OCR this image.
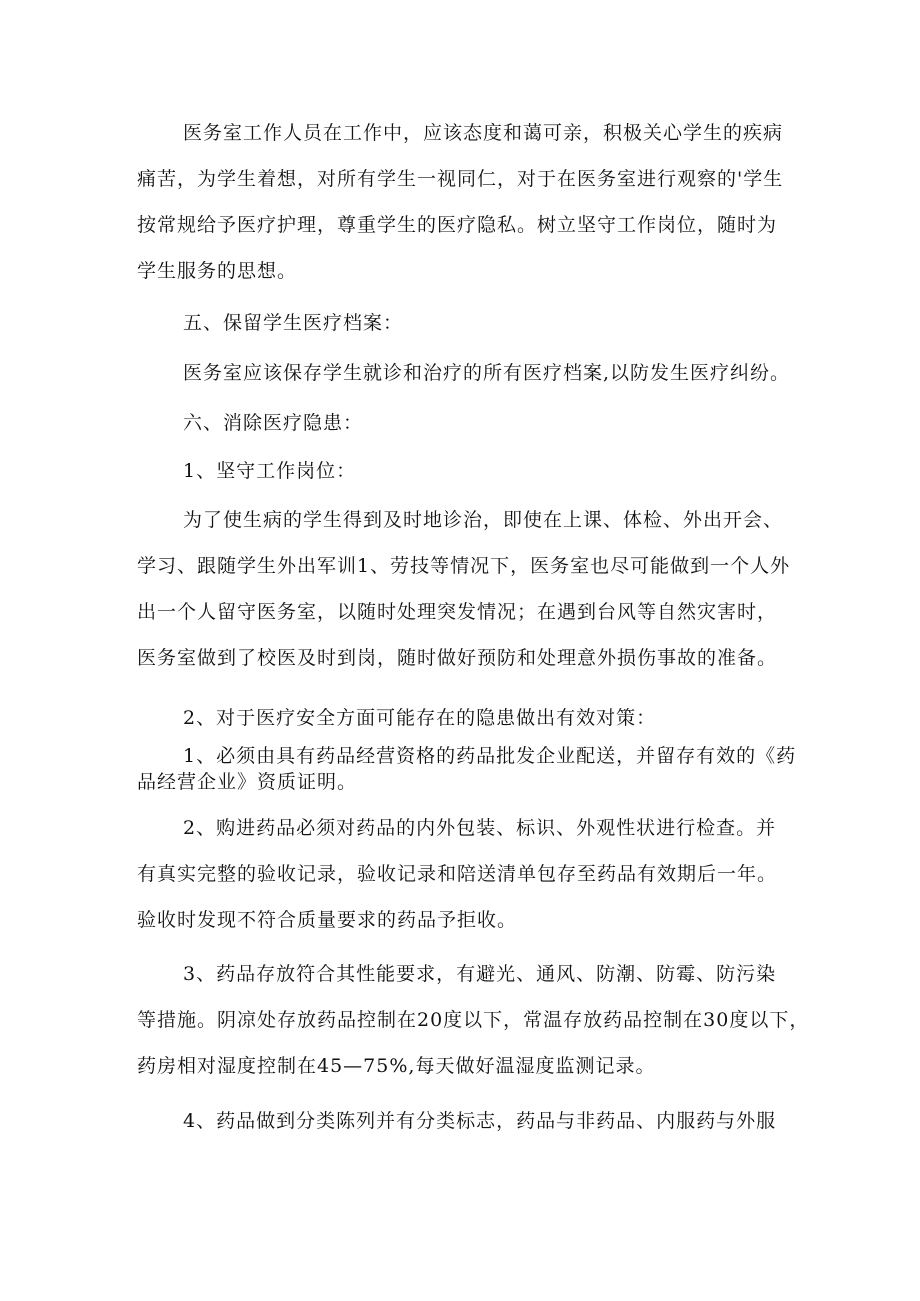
医务室工作人员在工作中，应该态度和蔼可亲，积极关心学生的疾病
痛苦，为学生着想，对所有学生一视同仁，对于在医务室进行观察的'学生
按常规给予医疗护理，尊重学生的医疗隐私。树立坚守工作岗位，随时为
学生服务的思想。
五、保留学生医疗档案：
医务室应该保存学生就诊和治疗的所有医疗档案,以防发生医疗纠纷。
六、消除医疗隐患：
1、坚守工作岗位：
为了使生病的学生得到及时地诊治，即使在上课、体检、外出开会、
学习、跟随学生外出军训1、劳技等情况下，医务室也尽可能做到一个人外
出一个人留守医务室，以随时处理突发情况；在遇到台风等自然灾害时，
医务室做到了校医及时到岗，随时做好预防和处理意外损伤事故的准备。
2、对于医疗安全方面可能存在的隐患做出有效对策：
1、必须由具有药品经营资格的药品批发企业配送，并留存有效的《药
品经营企业》资质证明。
2、购进药品必须对药品的内外包装、标识、外观性状进行检查。并
有真实完整的验收记录，验收记录和陪送清单包存至药品有效期后一年。
验收时发现不符合质量要求的药品予拒收。
3、药品存放符合其性能要求，有避光、通风、防潮、防霉、防污染
等措施。阴凉处存放药品控制在20度以下，常温存放药品控制在30度以下，
药房相对湿度控制在45—75%,每天做好温湿度监测记录。
4、药品做到分类陈列并有分类标志，药品与非药品、内服药与外服
